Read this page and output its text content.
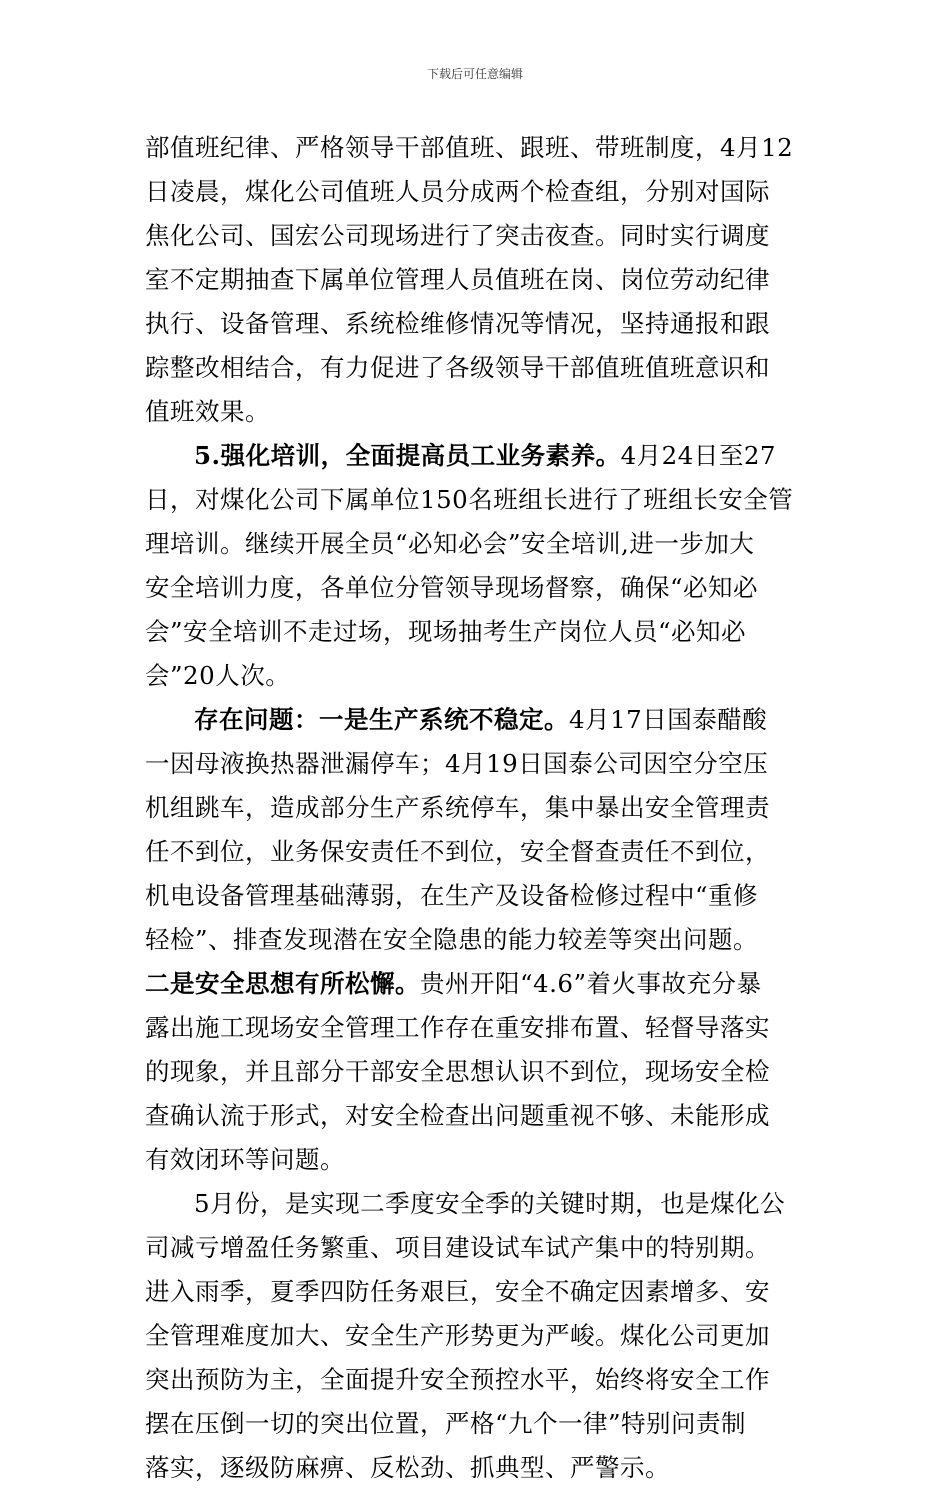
下载后可任意编辑
部值班纪律、严格领导干部值班、跟班、带班制度，4月12
日凌晨，煤化公司值班人员分成两个检查组，分别对国际
焦化公司、国宏公司现场进行了突击夜查。同时实行调度
室不定期抽查下属单位管理人员值班在岗、岗位劳动纪律
执行、设备管理、系统检维修情况等情况，坚持通报和跟
踪整改相结合，有力促进了各级领导干部值班值班意识和
值班效果。
5.强化培训，全面提高员工业务素养。4月24日至27
日，对煤化公司下属单位150名班组长进行了班组长安全管
理培训。继续开展全员“必知必会”安全培训,进一步加大
安全培训力度，各单位分管领导现场督察，确保“必知必
会”安全培训不走过场，现场抽考生产岗位人员“必知必
会”20人次。
存在问题：一是生产系统不稳定。4月17日国泰醋酸
一因母液换热器泄漏停车；4月19日国泰公司因空分空压
机组跳车，造成部分生产系统停车，集中暴出安全管理责
任不到位，业务保安责任不到位，安全督查责任不到位，
机电设备管理基础薄弱，在生产及设备检修过程中“重修
轻检”、排查发现潜在安全隐患的能力较差等突出问题。
二是安全思想有所松懈。贵州开阳“4.6”着火事故充分暴
露出施工现场安全管理工作存在重安排布置、轻督导落实
的现象，并且部分干部安全思想认识不到位，现场安全检
查确认流于形式，对安全检查出问题重视不够、未能形成
有效闭环等问题。
5月份，是实现二季度安全季的关键时期，也是煤化公
司减亏增盈任务繁重、项目建设试车试产集中的特别期。
进入雨季，夏季四防任务艰巨，安全不确定因素增多、安
全管理难度加大、安全生产形势更为严峻。煤化公司更加
突出预防为主，全面提升安全预控水平，始终将安全工作
摆在压倒一切的突出位置，严格“九个一律”特别问责制
落实，逐级防麻痹、反松劲、抓典型、严警示。
